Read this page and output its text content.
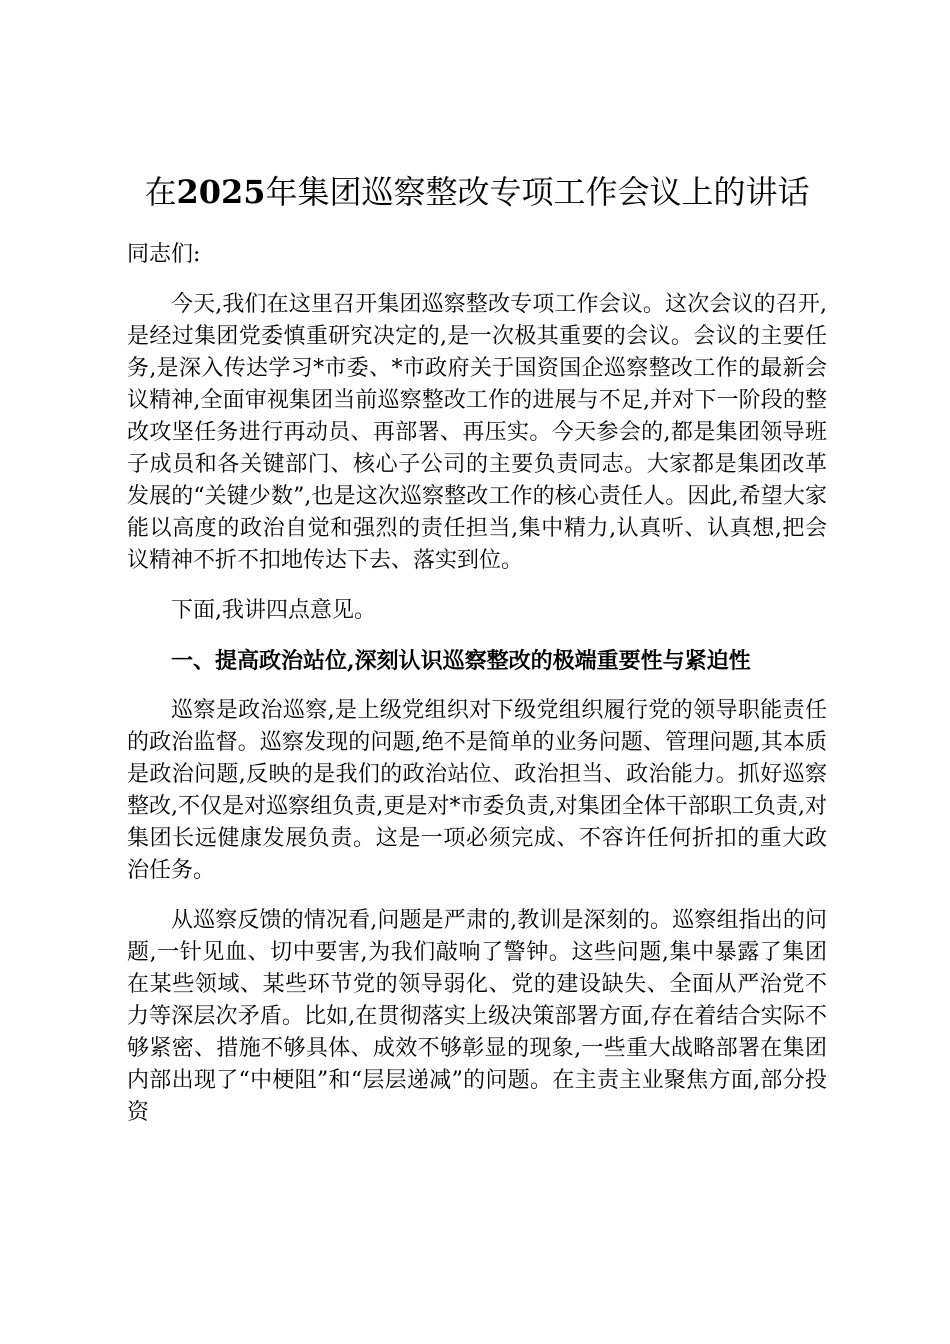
在2025年集团巡察整改专项工作会议上的讲话

同志们:

今天,我们在这里召开集团巡察整改专项工作会议。这次会议的召开,是经过集团党委慎重研究决定的,是一次极其重要的会议。会议的主要任务,是深入传达学习*市委、*市政府关于国资国企巡察整改工作的最新会议精神,全面审视集团当前巡察整改工作的进展与不足,并对下一阶段的整改攻坚任务进行再动员、再部署、再压实。今天参会的,都是集团领导班子成员和各关键部门、核心子公司的主要负责同志。大家都是集团改革发展的“关键少数”,也是这次巡察整改工作的核心责任人。因此,希望大家能以高度的政治自觉和强烈的责任担当,集中精力,认真听、认真想,把会议精神不折不扣地传达下去、落实到位。

下面,我讲四点意见。

一、提高政治站位,深刻认识巡察整改的极端重要性与紧迫性

巡察是政治巡察,是上级党组织对下级党组织履行党的领导职能责任的政治监督。巡察发现的问题,绝不是简单的业务问题、管理问题,其本质是政治问题,反映的是我们的政治站位、政治担当、政治能力。抓好巡察整改,不仅是对巡察组负责,更是对*市委负责,对集团全体干部职工负责,对集团长远健康发展负责。这是一项必须完成、不容许任何折扣的重大政治任务。

从巡察反馈的情况看,问题是严肃的,教训是深刻的。巡察组指出的问题,一针见血、切中要害,为我们敲响了警钟。这些问题,集中暴露了集团在某些领域、某些环节党的领导弱化、党的建设缺失、全面从严治党不力等深层次矛盾。比如,在贯彻落实上级决策部署方面,存在着结合实际不够紧密、措施不够具体、成效不够彰显的现象,一些重大战略部署在集团内部出现了“中梗阻”和“层层递减”的问题。在主责主业聚焦方面,部分投资
